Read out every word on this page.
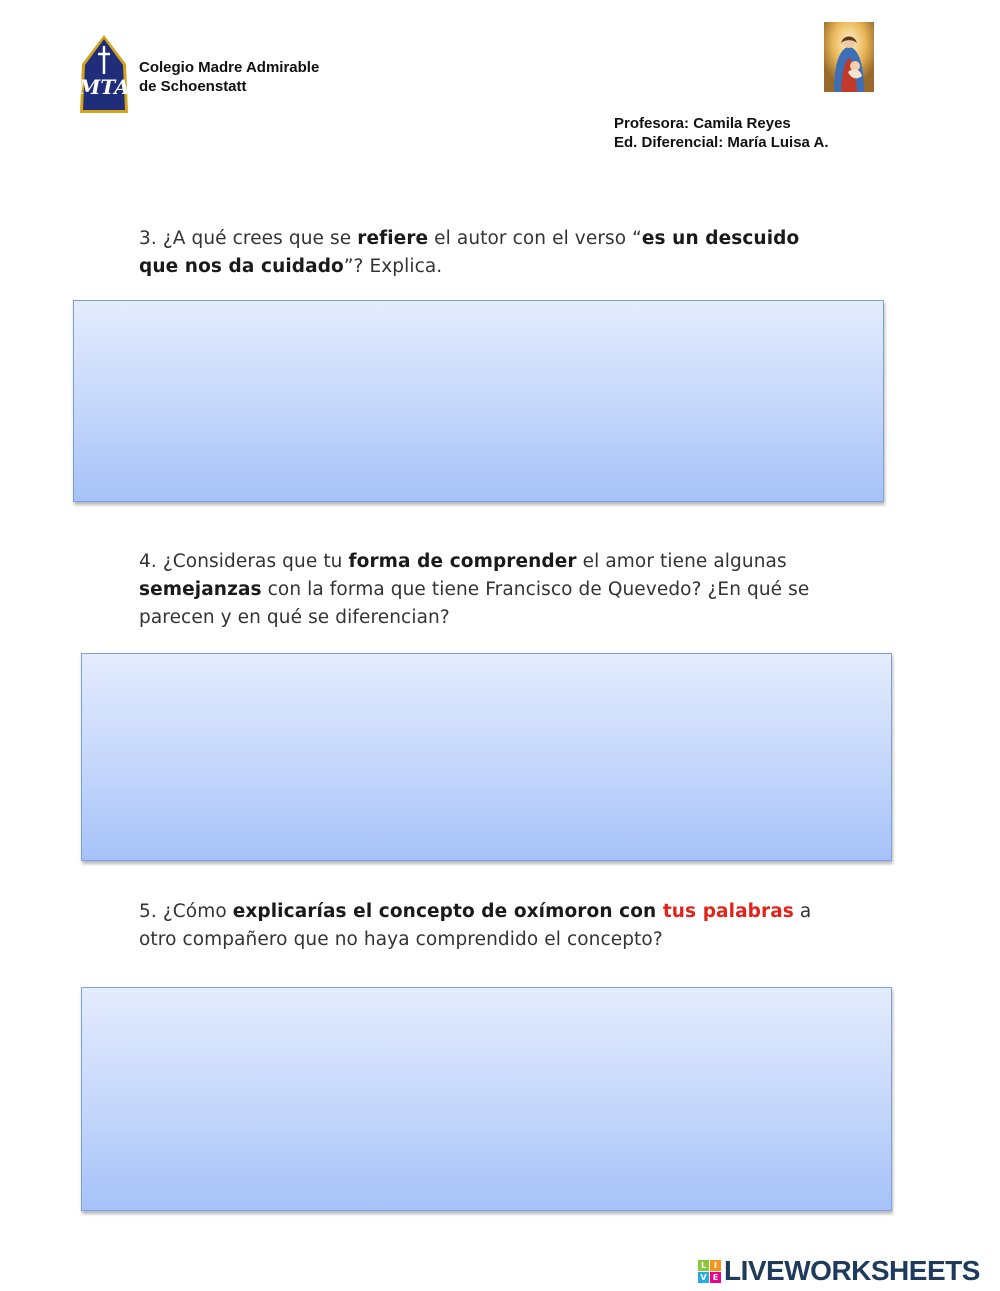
MTA
Colegio Madre Admirable
de Schoenstatt
Profesora: Camila Reyes
Ed. Diferencial: María Luisa A.
3. ¿A qué crees que se refiere el autor con el verso “es un descuido que nos da cuidado”? Explica.
4. ¿Consideras que tu forma de comprender el amor tiene algunas semejanzas con la forma que tiene Francisco de Quevedo? ¿En qué se parecen y en qué se diferencian?
5. ¿Cómo explicarías el concepto de oxímoron con tus palabras a otro compañero que no haya comprendido el concepto?
L I
V E LIVEWORKSHEETS
